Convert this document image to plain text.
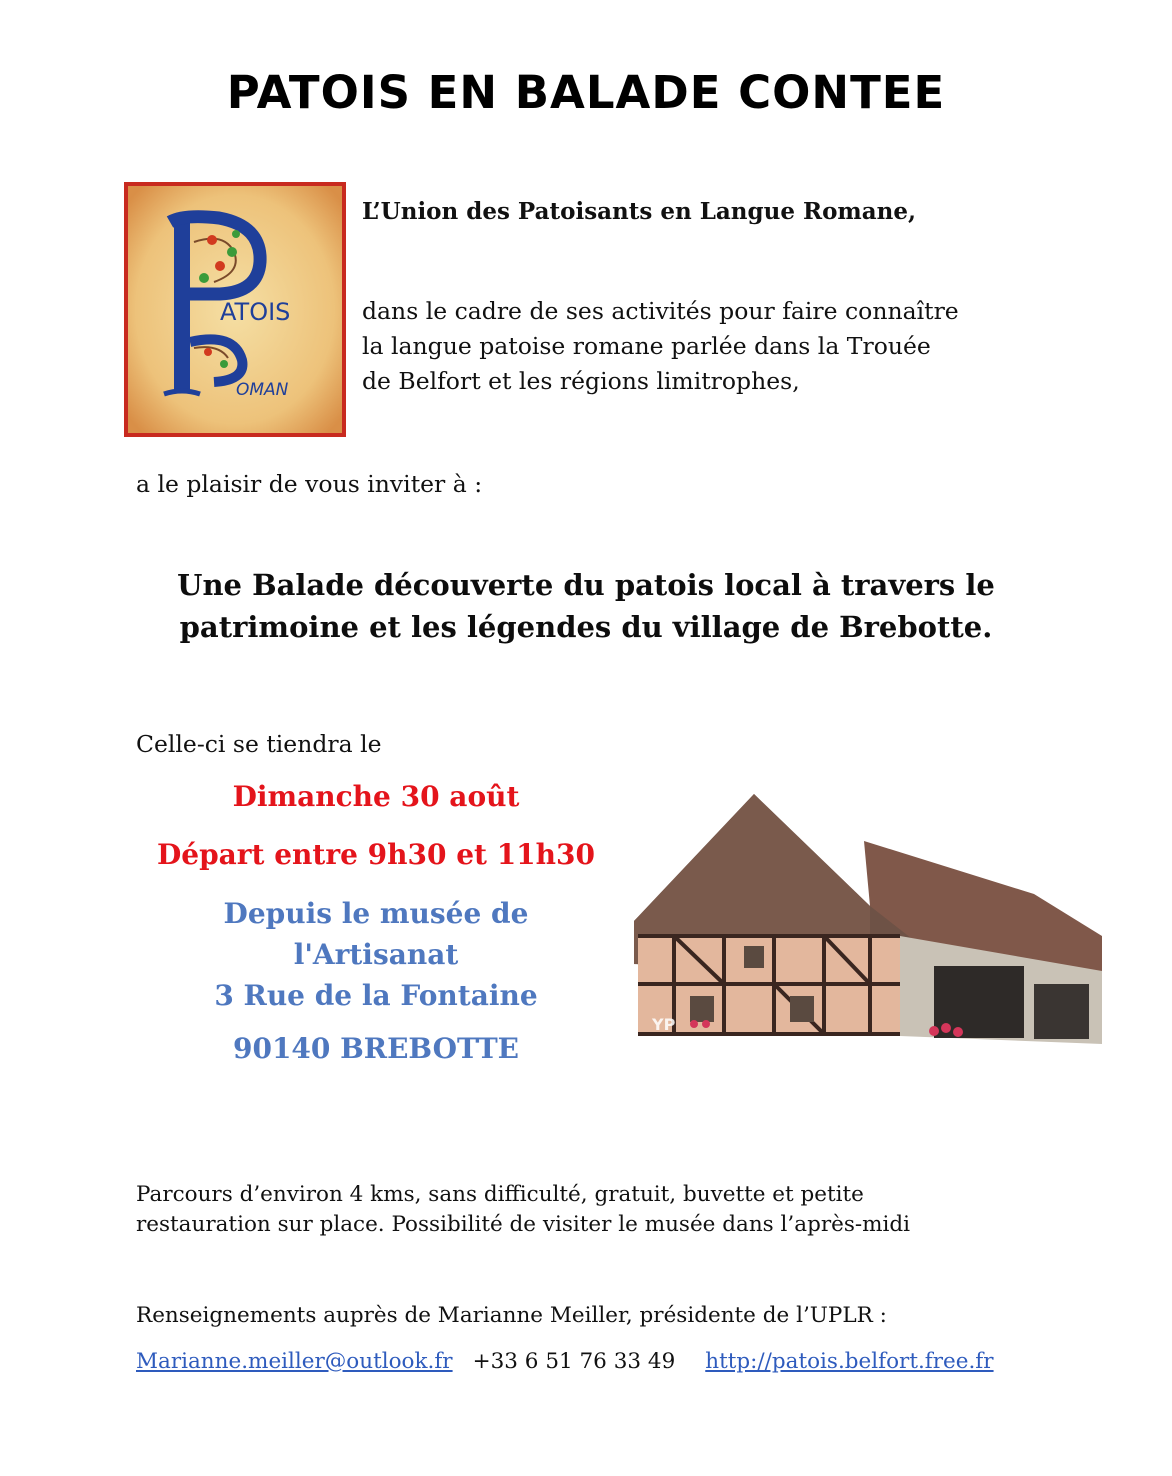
PATOIS EN BALADE CONTEE
ATOIS
OMAN
L’Union des Patoisants en Langue Romane,
dans le cadre de ses activités pour faire connaître
la langue patoise romane parlée dans la Trouée
de Belfort et les régions limitrophes,
a le plaisir de vous inviter à :
Une Balade découverte du patois local à travers le
patrimoine et les légendes du village de Brebotte.
Celle-ci se tiendra le
Dimanche 30 août
Départ entre 9h30 et 11h30
Depuis le musée de
l'Artisanat
3 Rue de la Fontaine
90140 BREBOTTE
YP
Parcours d’environ 4 kms, sans difficulté, gratuit, buvette et petite
restauration sur place. Possibilité de visiter le musée dans l’après-midi
Renseignements auprès de Marianne Meiller, présidente de l’UPLR :
Marianne.meiller@outlook.fr +33 6 51 76 33 49 http://patois.belfort.free.fr
